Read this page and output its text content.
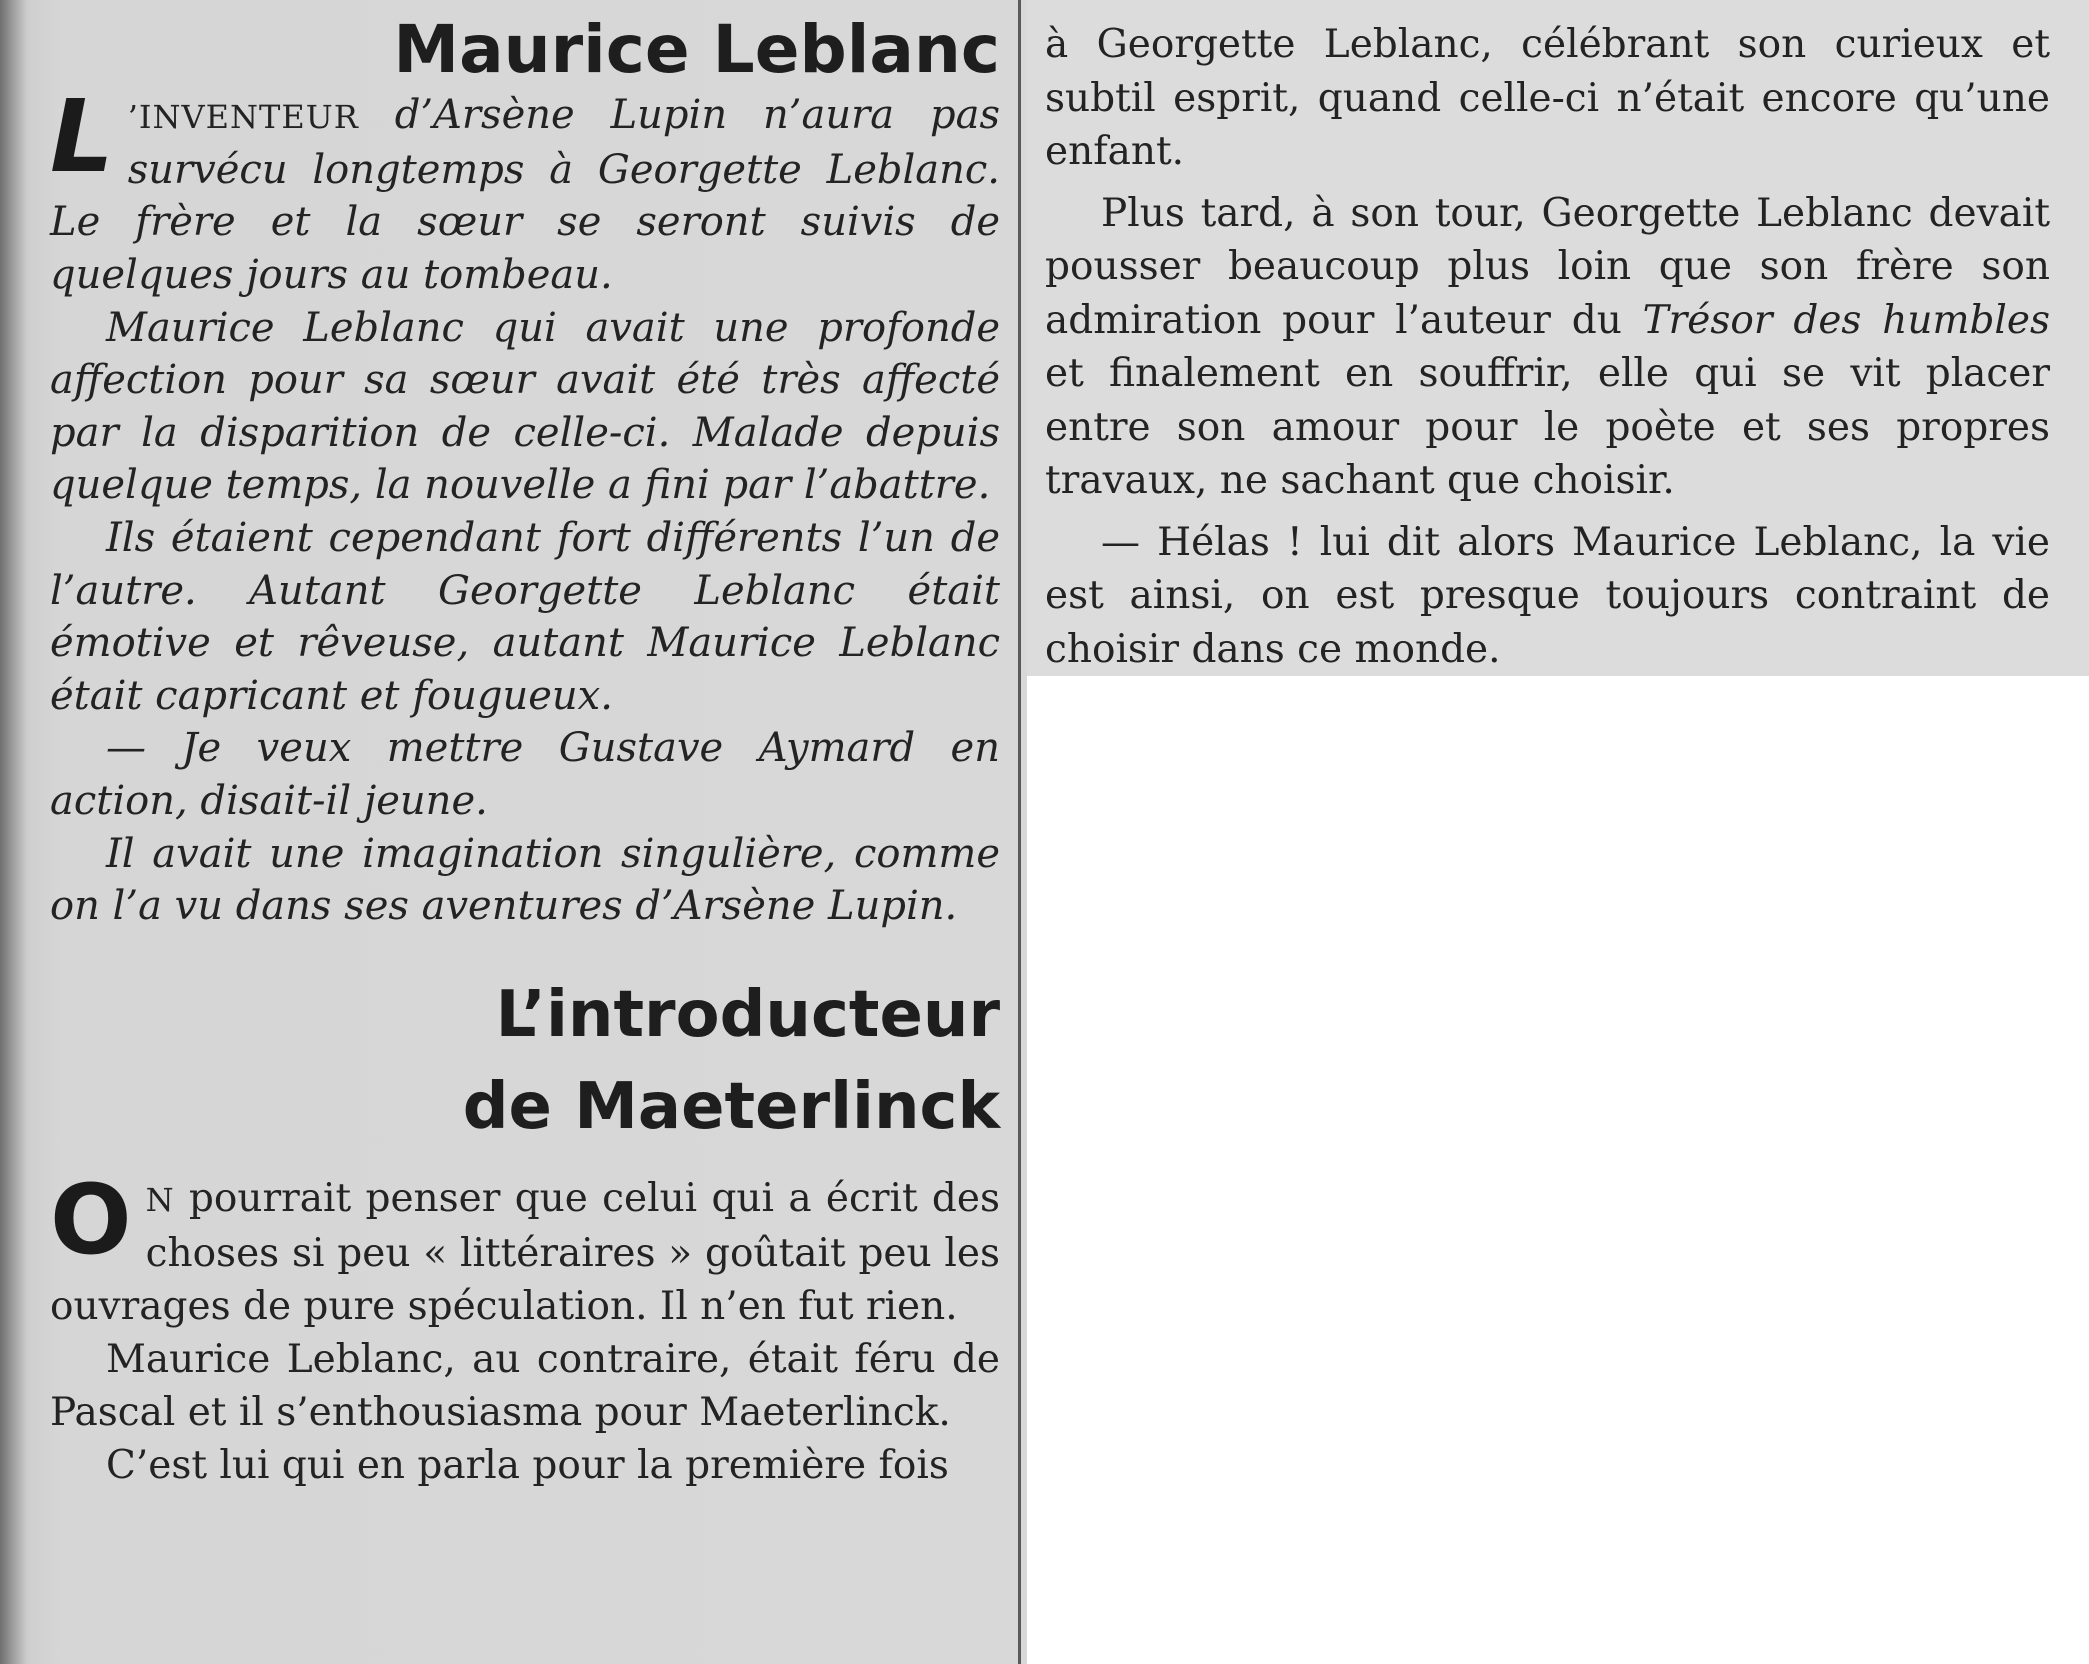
Maurice Leblanc

L ’INVENTEUR d’Arsène Lupin n’aura pas survécu longtemps à Georgette Leblanc. Le frère et la sœur se seront suivis de quelques jours au tombeau.

Maurice Leblanc qui avait une profonde affection pour sa sœur avait été très affecté par la disparition de celle-ci. Malade depuis quelque temps, la nouvelle a fini par l’abattre.

Ils étaient cependant fort différents l’un de l’autre. Autant Georgette Leblanc était émotive et rêveuse, autant Maurice Leblanc était capricant et fougueux.

— Je veux mettre Gustave Aymard en action, disait-il jeune.

Il avait une imagination singulière, comme on l’a vu dans ses aventures d’Arsène Lupin.

L’introducteur
de Maeterlinck

O N pourrait penser que celui qui a écrit des choses si peu « littéraires » goûtait peu les ouvrages de pure spéculation. Il n’en fut rien.

Maurice Leblanc, au contraire, était féru de Pascal et il s’enthousiasma pour Maeterlinck.

C’est lui qui en parla pour la première fois

à Georgette Leblanc, célébrant son curieux et subtil esprit, quand celle-ci n’était encore qu’une enfant.

Plus tard, à son tour, Georgette Leblanc devait pousser beaucoup plus loin que son frère son admiration pour l’auteur du Trésor des humbles et finalement en souffrir, elle qui se vit placer entre son amour pour le poète et ses propres travaux, ne sachant que choisir.

— Hélas ! lui dit alors Maurice Leblanc, la vie est ainsi, on est presque toujours contraint de choisir dans ce monde.
